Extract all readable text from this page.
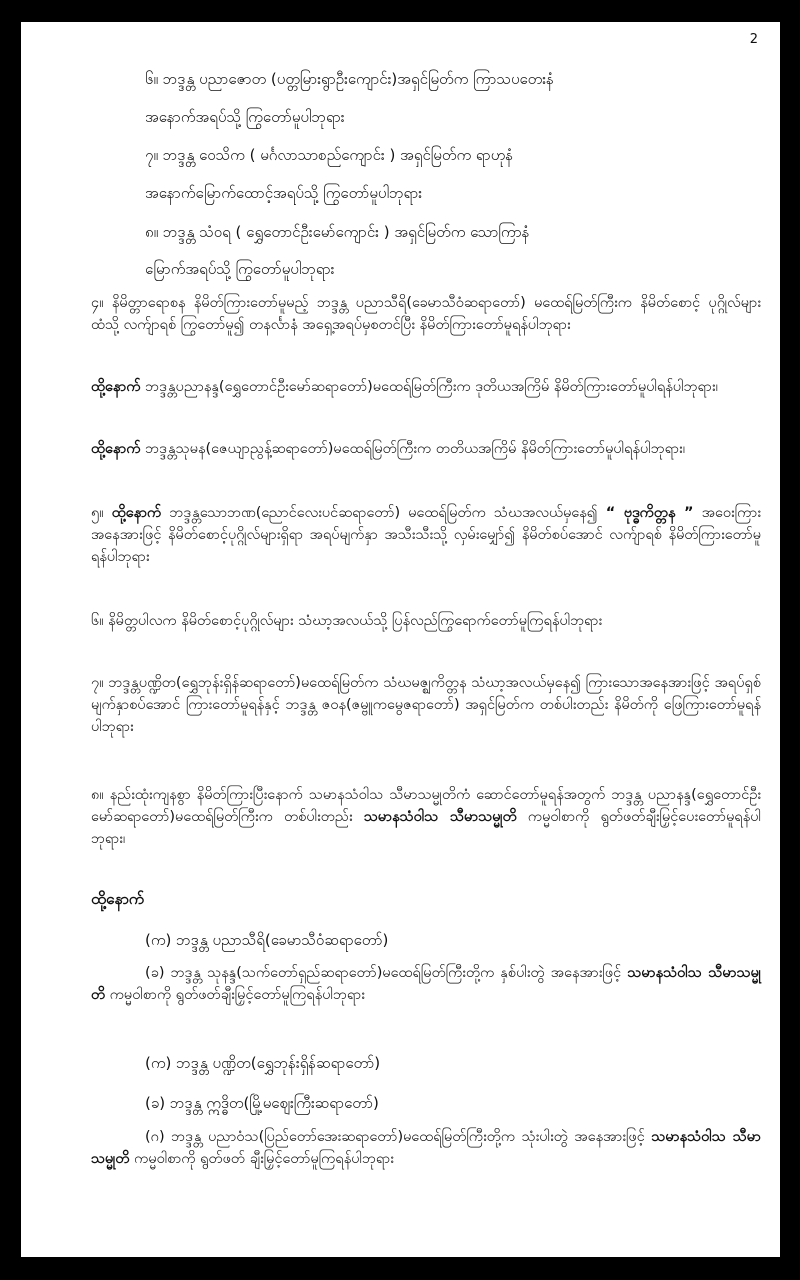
2
၆။ ဘဒ္ဒန္တ ပညာဇောတ (ပတ္တမြားရွာဦးကျောင်း)အရှင်မြတ်က ကြာသပတေးနံ
အနောက်အရပ်သို့ ကြွတော်မူပါဘုရား
၇။ ဘဒ္ဒန္တ ဝေသိက ( မင်္ဂလာသာစည်ကျောင်း ) အရှင်မြတ်က ရာဟုနံ
အနောက်မြောက်ထောင့်အရပ်သို့ ကြွတော်မူပါဘုရား
၈။ ဘဒ္ဒန္တ သံဝရ ( ရွှေတောင်ဦးမော်ကျောင်း ) အရှင်မြတ်က သောကြာနံ
မြောက်အရပ်သို့ ကြွတော်မူပါဘုရား
၄။ နိမိတ္တာရောစန နိမိတ်ကြားတော်မူမည့် ဘဒ္ဒန္တ ပညာသီရိ(ခေမာသီဝံဆရာတော်) မထေရ်မြတ်ကြီးက နိမိတ်စောင့် ပုဂ္ဂိုလ်များထံသို့ လက်ျာရစ် ကြွတော်မူ၍ တနင်္လာနံ အရှေ့အရပ်မှစတင်ပြီး နိမိတ်ကြားတော်မူရန်ပါဘုရား
ထို့နောက် ဘဒ္ဒန္တပညာနန္ဒ(ရွှေတောင်ဦးမော်ဆရာတော်)မထေရ်မြတ်ကြီးက ဒုတိယအကြိမ် နိမိတ်ကြားတော်မူပါရန်ပါဘုရား၊
ထို့နောက် ဘဒ္ဒန္တသုမန(ဇေယျာညွန့်ဆရာတော်)မထေရ်မြတ်ကြီးက တတိယအကြိမ် နိမိတ်ကြားတော်မူပါရန်ပါဘုရား၊
၅။ ထို့နောက် ဘဒ္ဒန္တသောဘဏ(ညောင်လေးပင်ဆရာတော်) မထေရ်မြတ်က သံဃအလယ်မှနေ၍ “ ဗုဒ္ဓကိတ္တန ” အဝေးကြားအနေအားဖြင့် နိမိတ်စောင့်ပုဂ္ဂိုလ်များရှိရာ အရပ်မျက်နှာ အသီးသီးသို့ လှမ်းမျှော်၍ နိမိတ်စပ်အောင် လက်ျာရစ် နိမိတ်ကြားတော်မူရန်ပါဘုရား
၆။ နိမိတ္တပါလက နိမိတ်စောင့်ပုဂ္ဂိုလ်များ သံဃာ့အလယ်သို့ ပြန်လည်ကြွရောက်တော်မူကြရန်ပါဘုရား
၇။ ဘဒ္ဒန္တပဏ္ဍိတ(ရွှေဘုန်းရှိန်ဆရာတော်)မထေရ်မြတ်က သံဃမဇ္ဈကိတ္တန သံဃာ့အလယ်မှနေ၍ ကြားသောအနေအားဖြင့် အရပ်ရှစ်မျက်နှာစပ်အောင် ကြားတော်မူရန်နှင့် ဘဒ္ဒန္တ ဇဝန(ဇမ္ဗူကမွေဇရာတော်) အရှင်မြတ်က တစ်ပါးတည်း နိမိတ်ကို ဖြေကြားတော်မူရန်ပါဘုရား
၈။ နည်းထုံးကျနစွာ နိမိတ်ကြားပြီးနောက် သမာနသံဝါသ သီမာသမ္မုတိကံ ဆောင်တော်မူရန်အတွက် ဘဒ္ဒန္တ ပညာနန္ဒ(ရွှေတောင်ဦးမော်ဆရာတော်)မထေရ်မြတ်ကြီးက တစ်ပါးတည်း သမာနသံဝါသ သီမာသမ္မုတိ ကမ္မဝါစာကို ရွတ်ဖတ်ချီးမြှင့်ပေးတော်မူရန်ပါဘုရား၊
ထို့နောက်
(က) ဘဒ္ဒန္တ ပညာသီရိ(ခေမာသီဝံဆရာတော်)
(ခ) ဘဒ္ဒန္တ သုနန္ဒ(သက်တော်ရှည်ဆရာတော်)မထေရ်မြတ်ကြီးတို့က နှစ်ပါးတွဲ အနေအားဖြင့် သမာနသံဝါသ သီမာသမ္မုတိ ကမ္မဝါစာကို ရွတ်ဖတ်ချီးမြှင့်တော်မူကြရန်ပါဘုရား
(က) ဘဒ္ဒန္တ ပဏ္ဍိတ(ရွှေဘုန်းရှိန်ဆရာတော်)
(ခ) ဘဒ္ဒန္တ ဣဒ္ဓိတ(မြို့မဈေးကြီးဆရာတော်)
(ဂ) ဘဒ္ဒန္တ ပညာဝံသ(ပြည်တော်အေးဆရာတော်)မထေရ်မြတ်ကြီးတို့က သုံးပါးတွဲ အနေအားဖြင့် သမာနသံဝါသ သီမာသမ္မုတိ ကမ္မဝါစာကို ရွတ်ဖတ် ချီးမြှင့်တော်မူကြရန်ပါဘုရား
